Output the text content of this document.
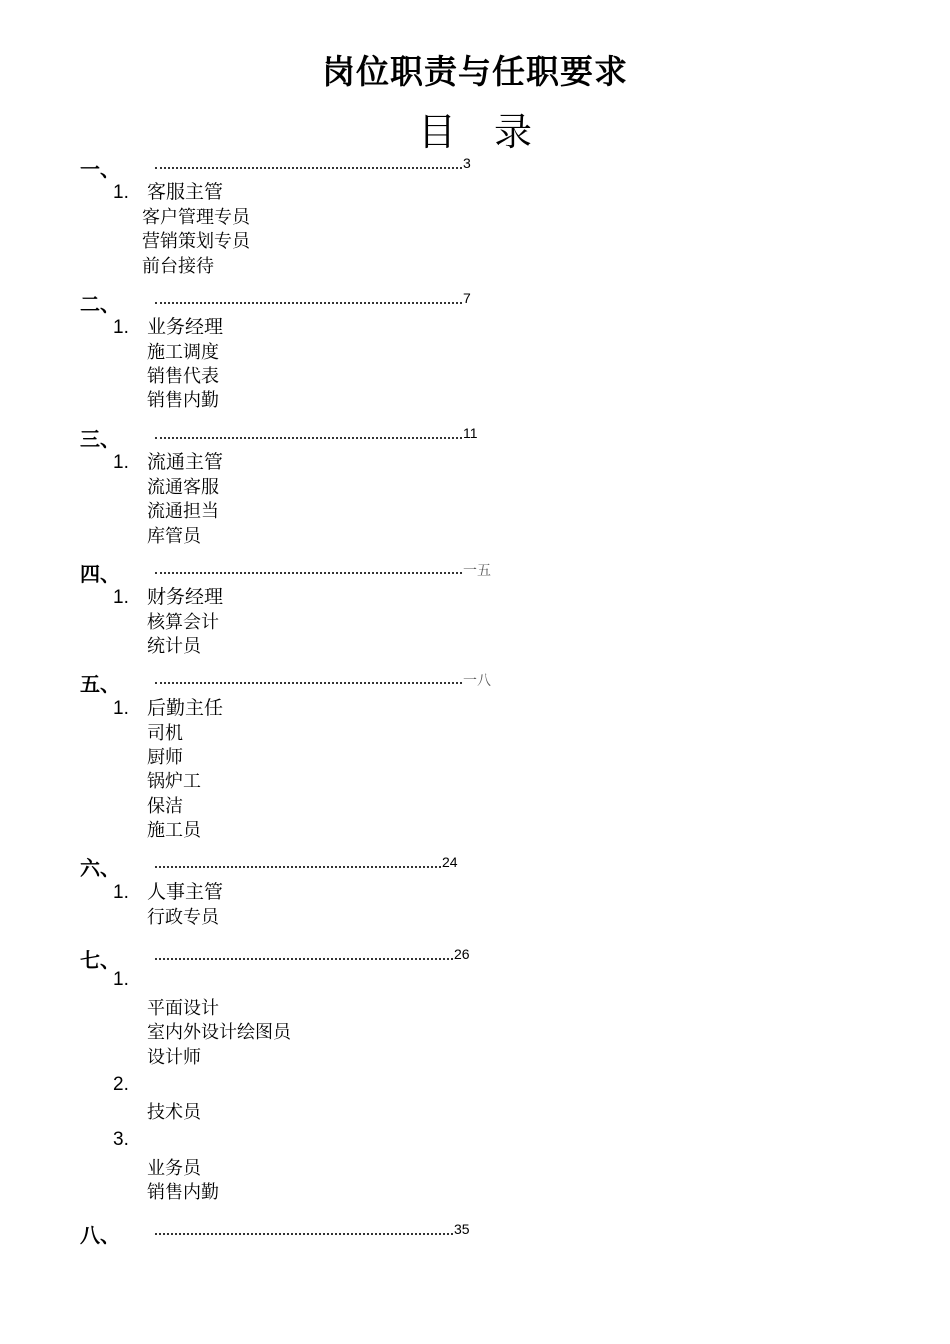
岗位职责与任职要求
目　录
一、	3
1. 客服主管
客户管理专员
营销策划专员
前台接待
二、	7
1. 业务经理
施工调度
销售代表
销售内勤
三、	11
1. 流通主管
流通客服
流通担当
库管员
四、	一五
1. 财务经理
核算会计
统计员
五、	一八
1. 后勤主任
司机
厨师
锅炉工
保洁
施工员
六、	24
1. 人事主管
行政专员
七、	26
1.
平面设计
室内外设计绘图员
设计师
2.
技术员
3.
业务员
销售内勤
八、	35
